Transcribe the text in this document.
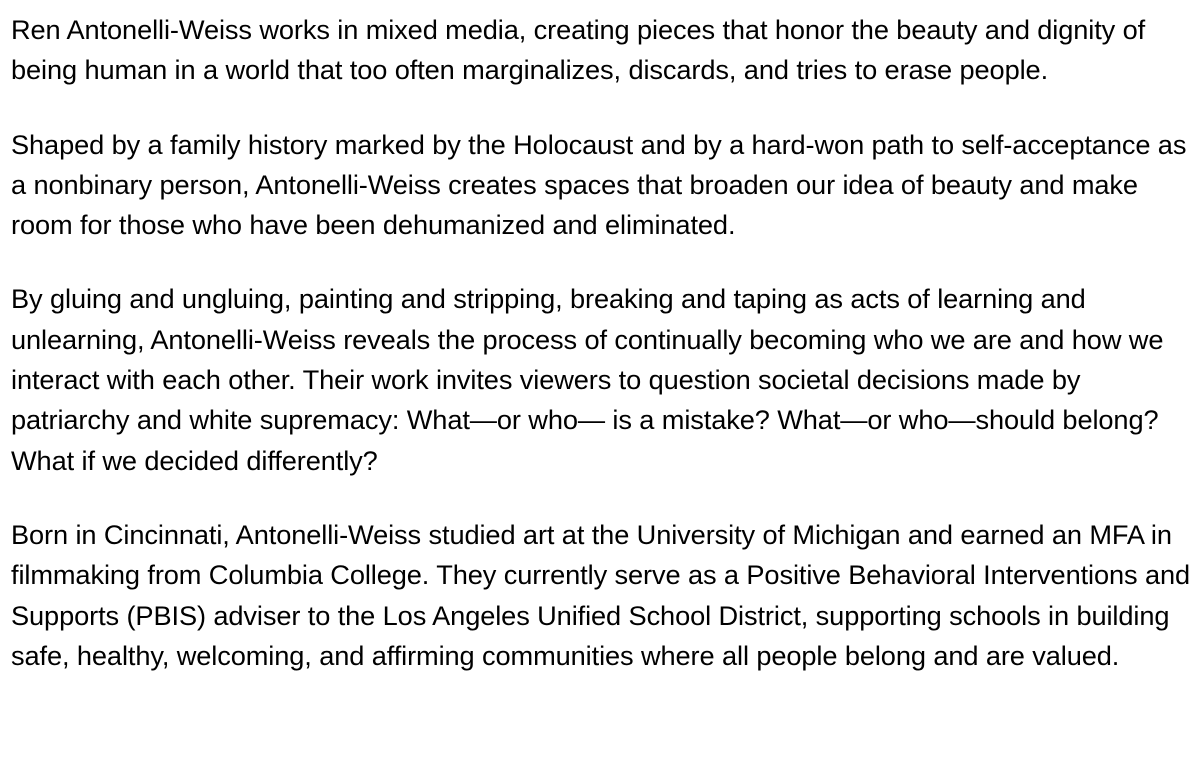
Ren Antonelli-Weiss works in mixed media, creating pieces that honor the beauty and dignity of being human in a world that too often marginalizes, discards, and tries to erase people.

Shaped by a family history marked by the Holocaust and by a hard-won path to self-acceptance as a nonbinary person, Antonelli-Weiss creates spaces that broaden our idea of beauty and make room for those who have been dehumanized and eliminated.

By gluing and ungluing, painting and stripping, breaking and taping as acts of learning and unlearning, Antonelli-Weiss reveals the process of continually becoming who we are and how we interact with each other. Their work invites viewers to question societal decisions made by patriarchy and white supremacy: What—or who— is a mistake? What—or who—should belong? What if we decided differently?

Born in Cincinnati, Antonelli-Weiss studied art at the University of Michigan and earned an MFA in filmmaking from Columbia College. They currently serve as a Positive Behavioral Interventions and Supports (PBIS) adviser to the Los Angeles Unified School District, supporting schools in building safe, healthy, welcoming, and affirming communities where all people belong and are valued.
